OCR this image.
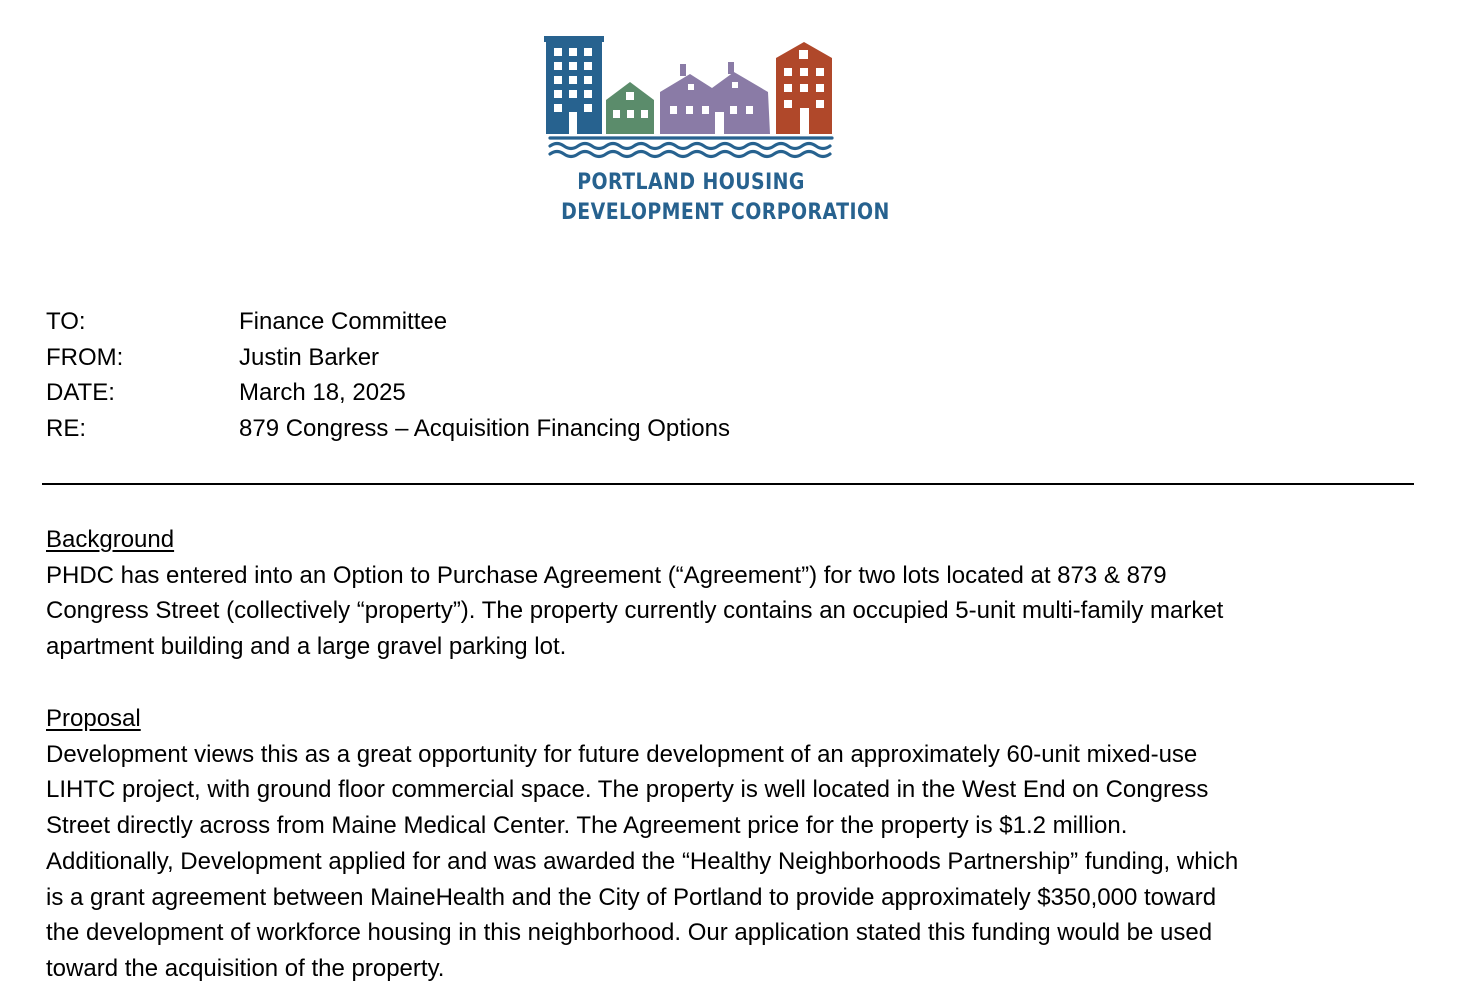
PORTLAND HOUSING
DEVELOPMENT CORPORATION
TO:	Finance Committee
FROM:	Justin Barker
DATE:	March 18, 2025
RE:	879 Congress – Acquisition Financing Options
Background

PHDC has entered into an Option to Purchase Agreement (“Agreement”) for two lots located at 873 & 879

Congress Street (collectively “property”). The property currently contains an occupied 5-unit multi-family market

apartment building and a large gravel parking lot.

Proposal

Development views this as a great opportunity for future development of an approximately 60-unit mixed-use

LIHTC project, with ground floor commercial space. The property is well located in the West End on Congress

Street directly across from Maine Medical Center. The Agreement price for the property is $1.2 million.

Additionally, Development applied for and was awarded the “Healthy Neighborhoods Partnership” funding, which

is a grant agreement between MaineHealth and the City of Portland to provide approximately $350,000 toward

the development of workforce housing in this neighborhood. Our application stated this funding would be used

toward the acquisition of the property.
